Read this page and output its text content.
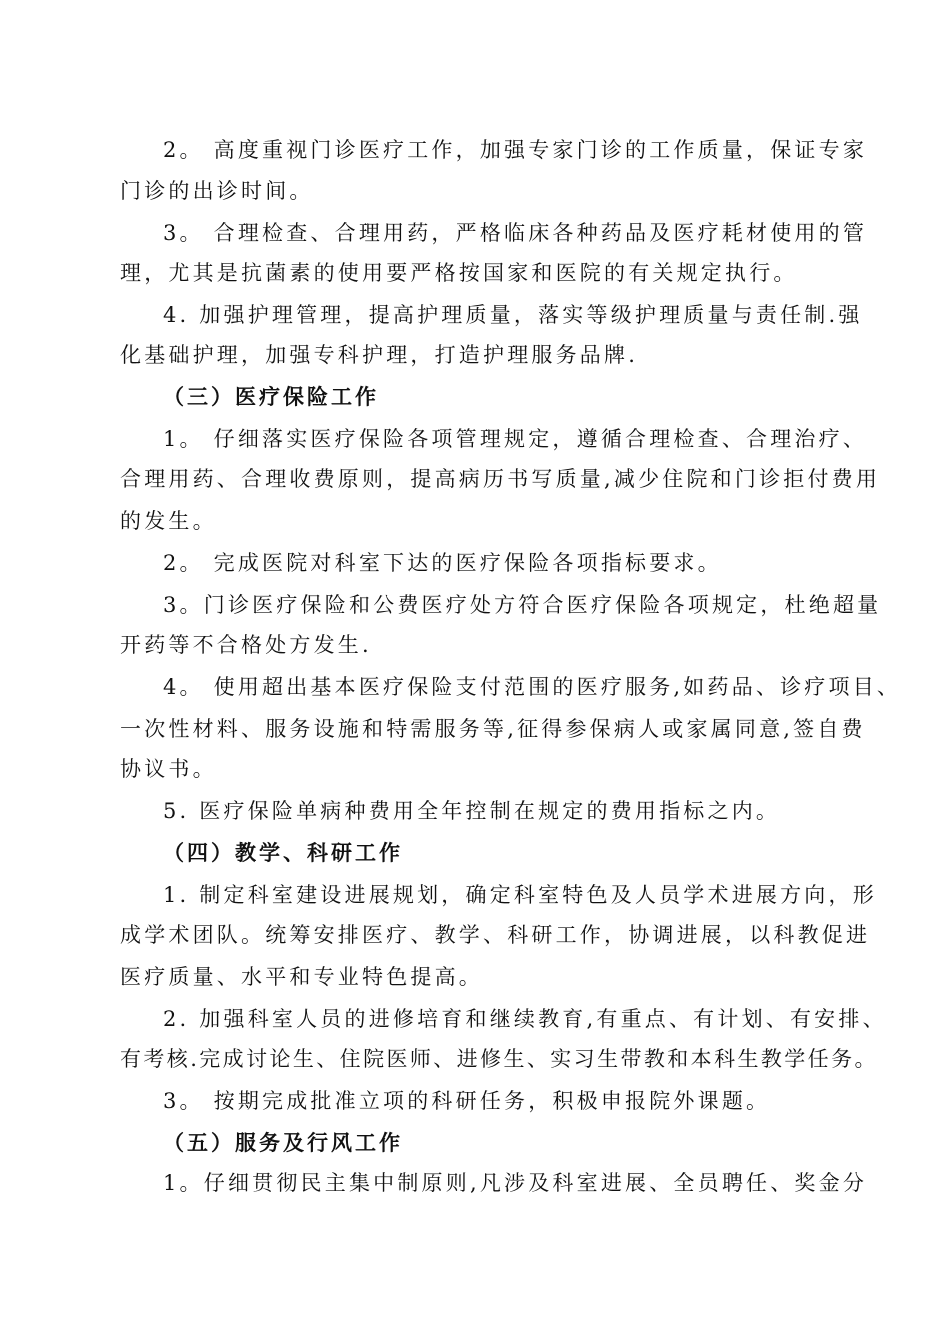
2。 高度重视门诊医疗工作，加强专家门诊的工作质量，保证专家
门诊的出诊时间。
3。 合理检查、合理用药，严格临床各种药品及医疗耗材使用的管
理，尤其是抗菌素的使用要严格按国家和医院的有关规定执行。
4. 加强护理管理，提高护理质量，落实等级护理质量与责任制.强
化基础护理，加强专科护理，打造护理服务品牌.
（三）医疗保险工作
1。 仔细落实医疗保险各项管理规定，遵循合理检查、合理治疗、
合理用药、合理收费原则，提高病历书写质量,减少住院和门诊拒付费用
的发生。
2。 完成医院对科室下达的医疗保险各项指标要求。
3。门诊医疗保险和公费医疗处方符合医疗保险各项规定，杜绝超量
开药等不合格处方发生.
4。 使用超出基本医疗保险支付范围的医疗服务,如药品、诊疗项目、
一次性材料、服务设施和特需服务等,征得参保病人或家属同意,签自费
协议书。
5. 医疗保险单病种费用全年控制在规定的费用指标之内。
（四）教学、科研工作
1. 制定科室建设进展规划，确定科室特色及人员学术进展方向，形
成学术团队。统筹安排医疗、教学、科研工作，协调进展，以科教促进
医疗质量、水平和专业特色提高。
2. 加强科室人员的进修培育和继续教育,有重点、有计划、有安排、
有考核.完成讨论生、住院医师、进修生、实习生带教和本科生教学任务。
3。 按期完成批准立项的科研任务，积极申报院外课题。
（五）服务及行风工作
1。仔细贯彻民主集中制原则,凡涉及科室进展、全员聘任、奖金分
